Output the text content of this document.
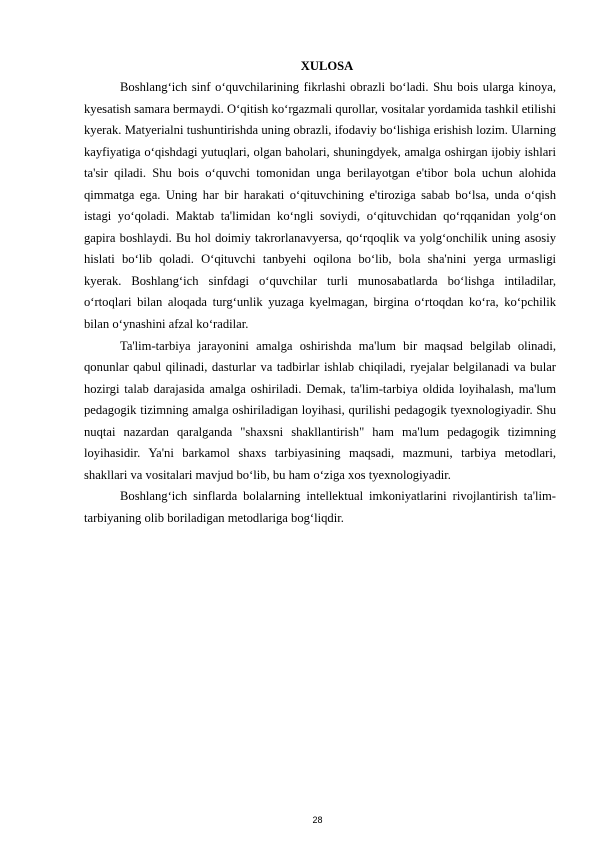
XULOSA

Boshlang‘ich sinf o‘quvchilarining fikrlashi obrazli bo‘ladi. Shu bois ularga kinoya, kyesatish samara bermaydi. O‘qitish ko‘rgazmali qurollar, vositalar yordamida tashkil etilishi kyerak. Matyerialni tushuntirishda uning obrazli, ifodaviy bo‘lishiga erishish lozim. Ularning kayfiyatiga o‘qishdagi yutuqlari, olgan baholari, shuningdyek, amalga oshirgan ijobiy ishlari ta'sir qiladi. Shu bois o‘quvchi tomonidan unga berilayotgan e'tibor bola uchun alohida qimmatga ega. Uning har bir harakati o‘qituvchining e'tiroziga sabab bo‘lsa, unda o‘qish istagi yo‘qoladi. Maktab ta'limidan ko‘ngli soviydi, o‘qituvchidan qo‘rqqanidan yolg‘on gapira boshlaydi. Bu hol doimiy takrorlanavyersa, qo‘rqoqlik va yolg‘onchilik uning asosiy hislati bo‘lib qoladi. O‘qituvchi tanbyehi oqilona bo‘lib, bola sha'nini yerga urmasligi kyerak. Boshlang‘ich sinfdagi o‘quvchilar turli munosabatlarda bo‘lishga intiladilar, o‘rtoqlari bilan aloqada turg‘unlik yuzaga kyelmagan, birgina o‘rtoqdan ko‘ra, ko‘pchilik bilan o‘ynashini afzal ko‘radilar.

Ta'lim-tarbiya jarayonini amalga oshirishda ma'lum bir maqsad belgilab olinadi, qonunlar qabul qilinadi, dasturlar va tadbirlar ishlab chiqiladi, ryejalar belgilanadi va bular hozirgi talab darajasida amalga oshiriladi. Demak, ta'lim-tarbiya oldida loyihalash, ma'lum pedagogik tizimning amalga oshiriladigan loyihasi, qurilishi pedagogik tyexnologiyadir. Shu nuqtai nazardan qaralganda "shaxsni shakllantirish" ham ma'lum pedagogik tizimning loyihasidir. Ya'ni barkamol shaxs tarbiyasining maqsadi, mazmuni, tarbiya metodlari, shakllari va vositalari mavjud bo‘lib, bu ham o‘ziga xos tyexnologiyadir.

Boshlang‘ich sinflarda bolalarning intellektual imkoniyatlarini rivojlantirish ta'lim-tarbiyaning olib boriladigan metodlariga bog‘liqdir.

28
